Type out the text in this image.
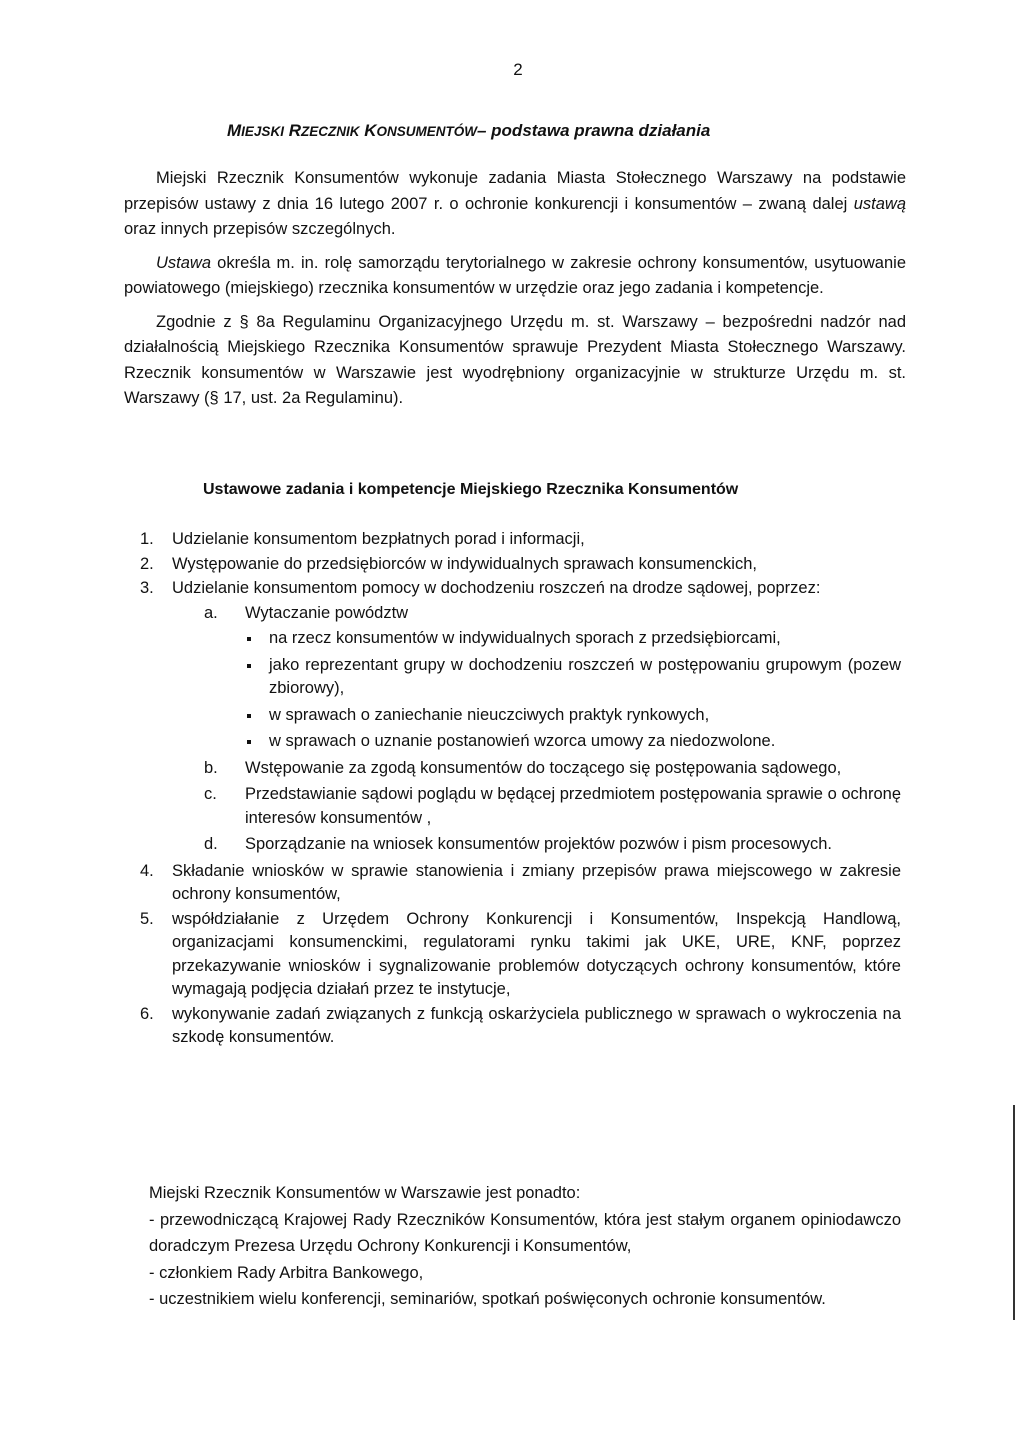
2
MIEJSKI RZECZNIK KONSUMENTÓW– podstawa prawna działania

Miejski Rzecznik Konsumentów wykonuje zadania Miasta Stołecznego Warszawy na podstawie przepisów ustawy z dnia 16 lutego 2007 r. o ochronie konkurencji i konsumentów – zwaną dalej ustawą oraz innych przepisów szczególnych.

Ustawa określa m. in. rolę samorządu terytorialnego w zakresie ochrony konsumentów, usytuowanie powiatowego (miejskiego) rzecznika konsumentów w urzędzie oraz jego zadania i kompetencje.

Zgodnie z § 8a Regulaminu Organizacyjnego Urzędu m. st. Warszawy – bezpośredni nadzór nad działalnością Miejskiego Rzecznika Konsumentów sprawuje Prezydent Miasta Stołecznego Warszawy. Rzecznik konsumentów w Warszawie jest wyodrębniony organizacyjnie w strukturze Urzędu m. st. Warszawy (§ 17, ust. 2a Regulaminu).

Ustawowe zadania i kompetencje Miejskiego Rzecznika Konsumentów
1. Udzielanie konsumentom bezpłatnych porad i informacji,
2. Występowanie do przedsiębiorców w indywidualnych sprawach konsumenckich,
3. Udzielanie konsumentom pomocy w dochodzeniu roszczeń na drodze sądowej, poprzez:
a. Wytaczanie powództw
na rzecz konsumentów w indywidualnych sporach z przedsiębiorcami,
jako reprezentant grupy w dochodzeniu roszczeń w postępowaniu grupowym (pozew zbiorowy),
w sprawach o zaniechanie nieuczciwych praktyk rynkowych,
w sprawach o uznanie postanowień wzorca umowy za niedozwolone.
b. Wstępowanie za zgodą konsumentów do toczącego się postępowania sądowego,
c. Przedstawianie sądowi poglądu w będącej przedmiotem postępowania sprawie o ochronę interesów konsumentów ,
d. Sporządzanie na wniosek konsumentów projektów pozwów i pism procesowych.
4. Składanie wniosków w sprawie stanowienia i zmiany przepisów prawa miejscowego w zakresie ochrony konsumentów,
5. współdziałanie z Urzędem Ochrony Konkurencji i Konsumentów, Inspekcją Handlową, organizacjami konsumenckimi, regulatorami rynku takimi jak UKE, URE, KNF, poprzez przekazywanie wniosków i sygnalizowanie problemów dotyczących ochrony konsumentów, które wymagają podjęcia działań przez te instytucje,
6. wykonywanie zadań związanych z funkcją oskarżyciela publicznego w sprawach o wykroczenia na szkodę konsumentów.

Miejski Rzecznik Konsumentów w Warszawie jest ponadto:

- przewodniczącą Krajowej Rady Rzeczników Konsumentów, która jest stałym organem opiniodawczo doradczym Prezesa Urzędu Ochrony Konkurencji i Konsumentów,

- członkiem Rady Arbitra Bankowego,

- uczestnikiem wielu konferencji, seminariów, spotkań poświęconych ochronie konsumentów.
